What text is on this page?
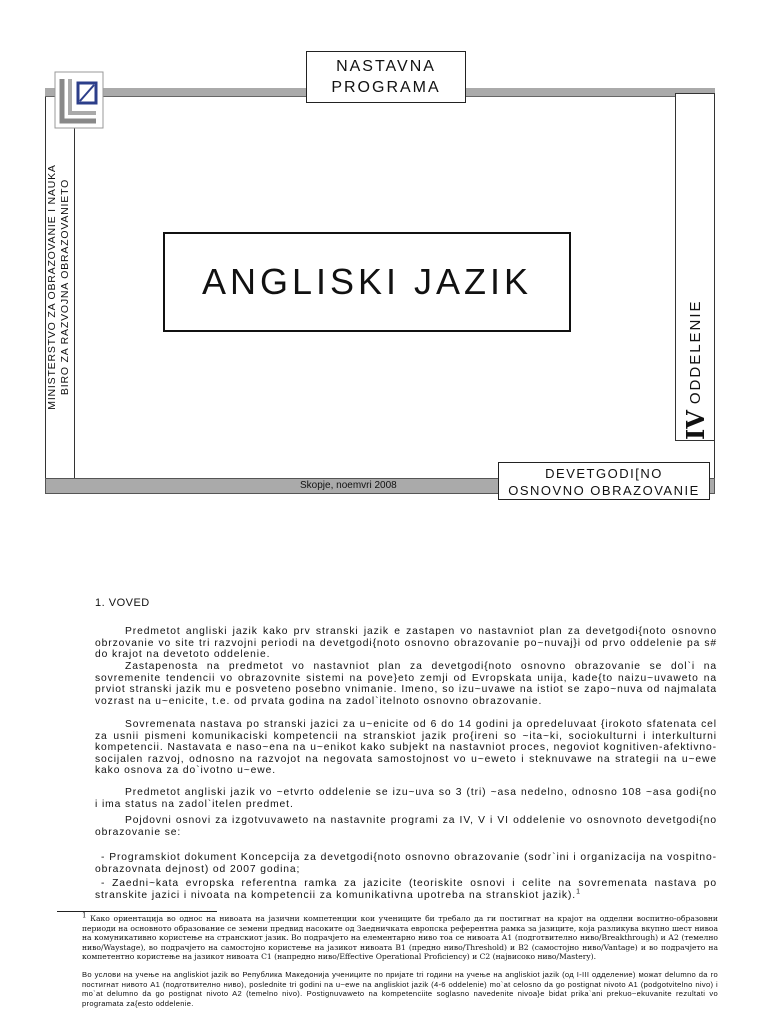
NASTAVNA
PROGRAMA
MINISTERSTVO ZA OBRAZOVANIE I NAUKA BIRO ZA RAZVOJNA OBRAZOVANIETO	ANGLISKI JAZIK
IV
ODDELENIE
Skopje, noemvri 2008
DEVETGODI[NO
OSNOVNO OBRAZOVANIE
1. VOVED
Predmetot angliski jazik kako prv stranski jazik e zastapen vo nastavniot plan za devetgodi{noto osnovno obrzovanie vo site tri razvojni periodi na devetgodi{noto osnovno obrazovanie po~nuvaj}i od prvo oddelenie pa s# do krajot na devetoto oddelenie.
Zastapenosta na predmetot vo nastavniot plan za devetgodi{noto osnovno obrazovanie se dol`i na sovremenite tendencii vo obrazovnite sistemi na pove}eto zemji od Evropskata unija, kade{to naizu~uvaweto na prviot stranski jazik mu e posveteno posebno vnimanie. Imeno, so izu~uvawe na istiot se zapo~nuva od najmalata vozrast na u~enicite, t.e. od prvata godina na zadol`itelnoto osnovno obrazovanie.
Sovremenata nastava po stranski jazici za u~enicite od 6 do 14 godini ja opredeluvaat {irokoto sfatenata cel za usnii pismeni komunikaciski kompetencii na stranskiot jazik pro{ireni so ~ita~ki, sociokulturni i interkulturni kompetencii. Nastavata e naso~ena na u~enikot kako subjekt na nastavniot proces, negoviot kognitiven-afektivno-socijalen razvoj, odnosno na razvojot na negovata samostojnost vo u~eweto i steknuvawe na strategii na u~ewe kako osnova za do`ivotno u~ewe.
Predmetot angliski jazik vo ~etvrto oddelenie se izu~uva so 3 (tri) ~asa nedelno, odnosno 108 ~asa godi{no i ima status na zadol`itelen predmet.
Pojdovni osnovi za izgotvuvaweto na nastavnite programi za IV, V i VI oddelenie vo osnovnoto devetgodi{no obrazovanie se:
- Programskiot dokument Koncepcija za devetgodi{noto osnovno obrazovanie (sodr`ini i organizacija na vospitno-obrazovnata dejnost) od 2007 godina;
- Zaedni~kata evropska referentna ramka za jazicite (teoriskite osnovi i celite na sovremenata nastava po stranskite jazici i nivoata na kompetencii za komunikativna upotreba na stranskiot jazik).$^1$
$^1$ Како ориентација во однос на нивоата на јазични компетенции кои учениците би требало да ги постигнат на крајот на одделни воспитно-образовни периоди на основното образование се земени предвид насоките од Заедничката европска референтна рамка за јазиците, која разликува вкупно шест нивоа на комуникативно користење на странскиот јазик. Во подрачјето на елементарно ниво тоа се нивоата А1 (подготвително ниво/Breakthrough) и А2 (темелно ниво/Waystage), во подрачјето на самостојно користење на јазикот нивоата В1 (предно ниво/Threshold) и В2 (самостојно ниво/Vantage) и во подрачјето на компетентно користење на јазикот нивоата С1 (напредно ниво/Effective Operational Proficiency) и С2 (највисоко ниво/Mastery).
Во услови на учење на angliskiot jazik во Република Македонија учениците по пријате tri години на учење на angliskiot jazik (од I-III одделение) можат delumno da го постигнат нивото A1 (подготвително ниво), poslednite tri godini na u~ewe na angliskiot jazik (4-6 oddelenie) mo`at celosno da go postignat nivoto A1 (podgotvitelno nivo) i mo`at delumno da go postignat nivoto A2 (temelno nivo). Postignuvaweto na kompetenciite soglasno navedenite nivoa}e bidat prika`ani prekuo~ekuvanite rezultati vo programata za{esto oddelenie.
